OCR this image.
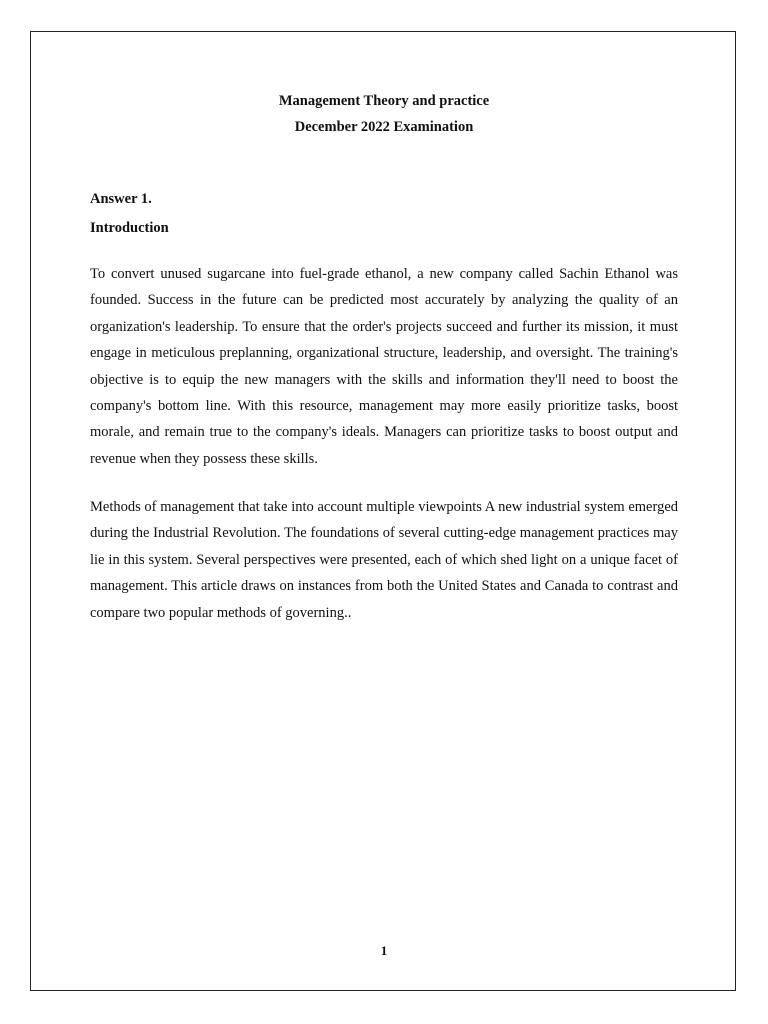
Management Theory and practice
December 2022 Examination
Answer 1.
Introduction

To convert unused sugarcane into fuel-grade ethanol, a new company called Sachin Ethanol was founded. Success in the future can be predicted most accurately by analyzing the quality of an organization's leadership. To ensure that the order's projects succeed and further its mission, it must engage in meticulous preplanning, organizational structure, leadership, and oversight. The training's objective is to equip the new managers with the skills and information they'll need to boost the company's bottom line. With this resource, management may more easily prioritize tasks, boost morale, and remain true to the company's ideals. Managers can prioritize tasks to boost output and revenue when they possess these skills.

Methods of management that take into account multiple viewpoints A new industrial system emerged during the Industrial Revolution. The foundations of several cutting-edge management practices may lie in this system. Several perspectives were presented, each of which shed light on a unique facet of management. This article draws on instances from both the United States and Canada to contrast and compare two popular methods of governing..

1
